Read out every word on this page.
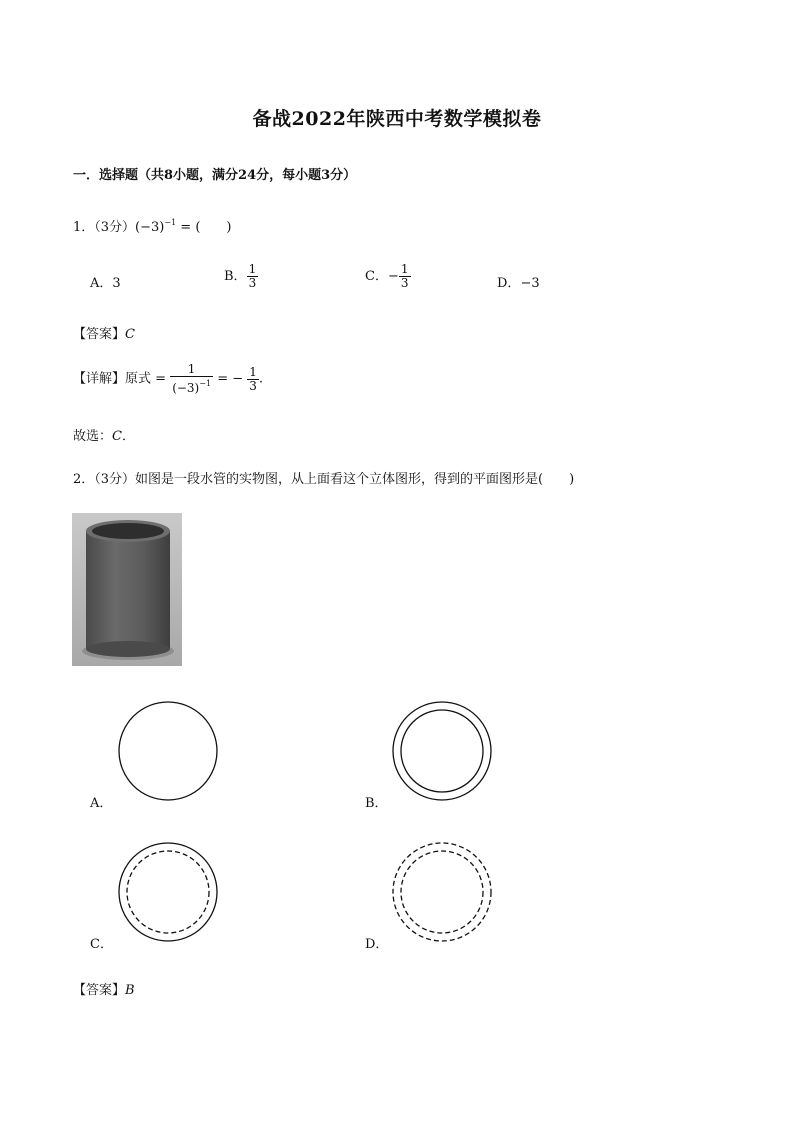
备战2022年陕西中考数学模拟卷
一．选择题（共8小题，满分24分，每小题3分）
1．（3分）$(-3)^{-1}$ = (　　)
A．3	B． $\frac{1}{3}$	C．− $\frac{1}{3}$	D．−3
【答案】C
【详解】原式 = $\frac{1}{(-3)^{-1}}$ = − $\frac{1}{3}$ .
故选：C．
2．（3分）如图是一段水管的实物图，从上面看这个立体图形，得到的平面图形是(　　)
A．	B．
C．	D．
【答案】B
